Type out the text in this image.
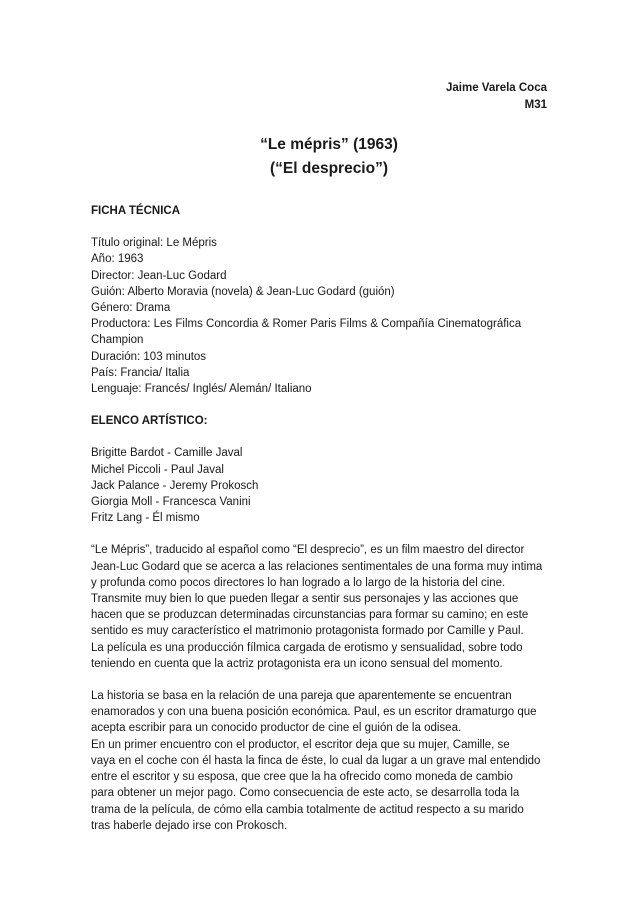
Jaime Varela Coca
M31
“Le mépris” (1963)
(“El desprecio”)

FICHA TÉCNICA

Título original: Le Mépris

Año: 1963

Director: Jean-Luc Godard

Guión: Alberto Moravia (novela) & Jean-Luc Godard (guión)

Género: Drama

Productora: Les Films Concordia & Romer Paris Films & Compañía Cinematográfica

Champion

Duración: 103 minutos

País: Francia/ Italia

Lenguaje: Francés/ Inglés/ Alemán/ Italiano

ELENCO ARTÍSTICO:

Brigitte Bardot - Camille Javal

Michel Piccoli - Paul Javal

Jack Palance - Jeremy Prokosch

Giorgia Moll - Francesca Vanini

Fritz Lang - Él mismo

“Le Mépris”, traducido al español como “El desprecio”, es un film maestro del director

Jean-Luc Godard que se acerca a las relaciones sentimentales de una forma muy intima

y profunda como pocos directores lo han logrado a lo largo de la historia del cine.

Transmite muy bien lo que pueden llegar a sentir sus personajes y las acciones que

hacen que se produzcan determinadas circunstancias para formar su camino; en este

sentido es muy característico el matrimonio protagonista formado por Camille y Paul.

La película es una producción fílmica cargada de erotismo y sensualidad, sobre todo

teniendo en cuenta que la actriz protagonista era un icono sensual del momento.

La historia se basa en la relación de una pareja que aparentemente se encuentran

enamorados y con una buena posición económica. Paul, es un escritor dramaturgo que

acepta escribir para un conocido productor de cine el guión de la odisea.

En un primer encuentro con el productor, el escritor deja que su mujer, Camille, se

vaya en el coche con él hasta la finca de éste, lo cual da lugar a un grave mal entendido

entre el escritor y su esposa, que cree que la ha ofrecido como moneda de cambio

para obtener un mejor pago. Como consecuencia de este acto, se desarrolla toda la

trama de la película, de cómo ella cambia totalmente de actitud respecto a su marido

tras haberle dejado irse con Prokosch.
